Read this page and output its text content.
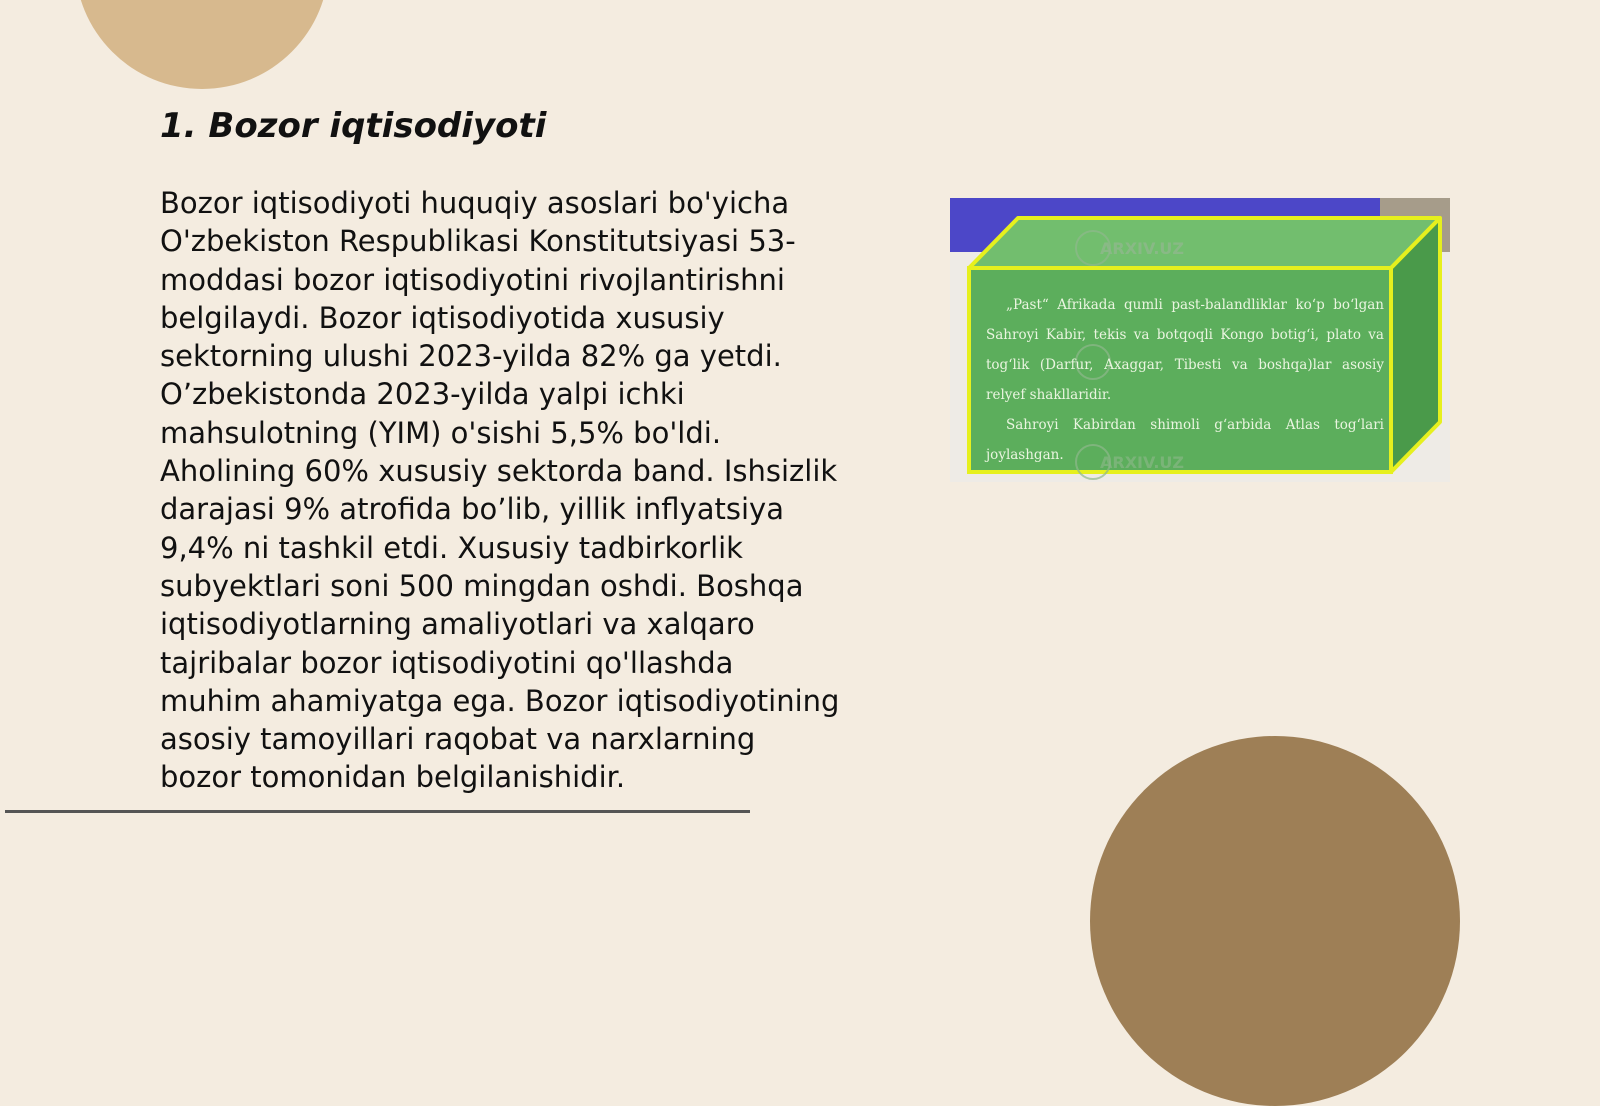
1. Bozor iqtisodiyoti

Bozor iqtisodiyoti huquqiy asoslari bo'yicha O'zbekiston Respublikasi Konstitutsiyasi 53-moddasi bozor iqtisodiyotini rivojlantirishni belgilaydi. Bozor iqtisodiyotida xususiy sektorning ulushi 2023-yilda 82% ga yetdi. O’zbekistonda 2023-yilda yalpi ichki mahsulotning (YIM) o'sishi 5,5% bo'ldi. Aholining 60% xususiy sektorda band. Ishsizlik darajasi 9% atrofida bo’lib, yillik inflyatsiya 9,4% ni tashkil etdi. Xususiy tadbirkorlik subyektlari soni 500 mingdan oshdi. Boshqa iqtisodiyotlarning amaliyotlari va xalqaro tajribalar bozor iqtisodiyotini qo'llashda muhim ahamiyatga ega. Bozor iqtisodiyotining asosiy tamoyillari raqobat va narxlarning bozor tomonidan belgilanishidir.

ARXIV.UZ
ARXIV.UZ

„Past“ Afrikada qumli past-balandliklar ko‘p bo‘lgan Sahroyi Kabir, tekis va botqoqli Kongo botig‘i, plato va tog‘lik (Darfur, Axaggar, Tibesti va boshqa)lar asosiy relyef shakllaridir.

Sahroyi Kabirdan shimoli g‘arbida Atlas tog‘lari joylashgan.
